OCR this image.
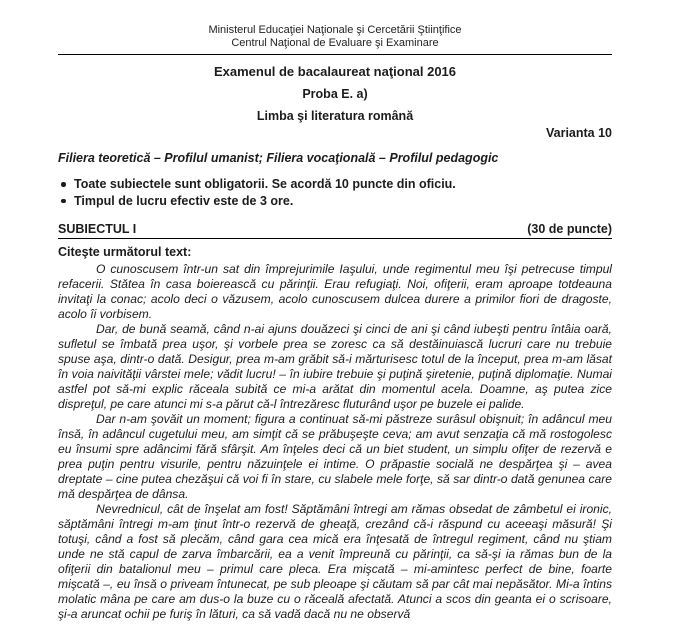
Ministerul Educaţiei Naţionale şi Cercetării Ştiinţifice
Centrul Naţional de Evaluare şi Examinare
Examenul de bacalaureat naţional 2016
Proba E. a)
Limba şi literatura română
Varianta 10
Filiera teoretică – Profilul umanist; Filiera vocaţională – Profilul pedagogic
Toate subiectele sunt obligatorii. Se acordă 10 puncte din oficiu.
Timpul de lucru efectiv este de 3 ore.
SUBIECTUL I	(30 de puncte)
Citeşte următorul text:

O cunoscusem într-un sat din împrejurimile Iaşului, unde regimentul meu îşi petrecuse timpul refacerii. Stătea în casa boierească cu părinţii. Erau refugiaţi. Noi, ofiţerii, eram aproape totdeauna invitaţi la conac; acolo deci o văzusem, acolo cunoscusem dulcea durere a primilor fiori de dragoste, acolo îi vorbisem.

Dar, de bună seamă, când n-ai ajuns douăzeci şi cinci de ani şi când iubeşti pentru întâia oară, sufletul se îmbată prea uşor, şi vorbele prea se zoresc ca să destăinuiască lucruri care nu trebuie spuse aşa, dintr-o dată. Desigur, prea m-am grăbit să-i mărturisesc totul de la început, prea m-am lăsat în voia naivităţii vârstei mele; vădit lucru! – în iubire trebuie şi puţină şiretenie, puţină diplomaţie. Numai astfel pot să-mi explic răceala subită ce mi-a arătat din momentul acela. Doamne, aş putea zice dispreţul, pe care atunci mi s-a părut că-l întrezăresc fluturând uşor pe buzele ei palide.

Dar n-am şovăit un moment; figura a continuat să-mi păstreze surâsul obişnuit; în adâncul meu însă, în adâncul cugetului meu, am simţit că se prăbuşeşte ceva; am avut senzaţia că mă rostogolesc eu însumi spre adâncimi fără sfârşit. Am înţeles deci că un biet student, un simplu ofiţer de rezervă e prea puţin pentru visurile, pentru năzuinţele ei intime. O prăpastie socială ne despărţea şi – avea dreptate – cine putea chezăşui că voi fi în stare, cu slabele mele forţe, să sar dintr-o dată genunea care mă despărţea de dânsa.

Nevrednicul, cât de înşelat am fost! Săptămâni întregi am rămas obsedat de zâmbetul ei ironic, săptămâni întregi m-am ţinut într-o rezervă de gheaţă, crezând că-i răspund cu aceeaşi măsură! Şi totuşi, când a fost să plecăm, când gara cea mică era înţesată de întregul regiment, când nu ştiam unde ne stă capul de zarva îmbarcării, ea a venit împreună cu părinţii, ca să-şi ia rămas bun de la ofiţerii din batalionul meu – primul care pleca. Era mişcată – mi-amintesc perfect de bine, foarte mişcată –, eu însă o priveam întunecat, pe sub pleoape şi căutam să par cât mai nepăsător. Mi-a întins molatic mâna pe care am dus-o la buze cu o răceală afectată. Atunci a scos din geanta ei o scrisoare, şi-a aruncat ochii pe furiş în lături, ca să vadă dacă nu ne observă
